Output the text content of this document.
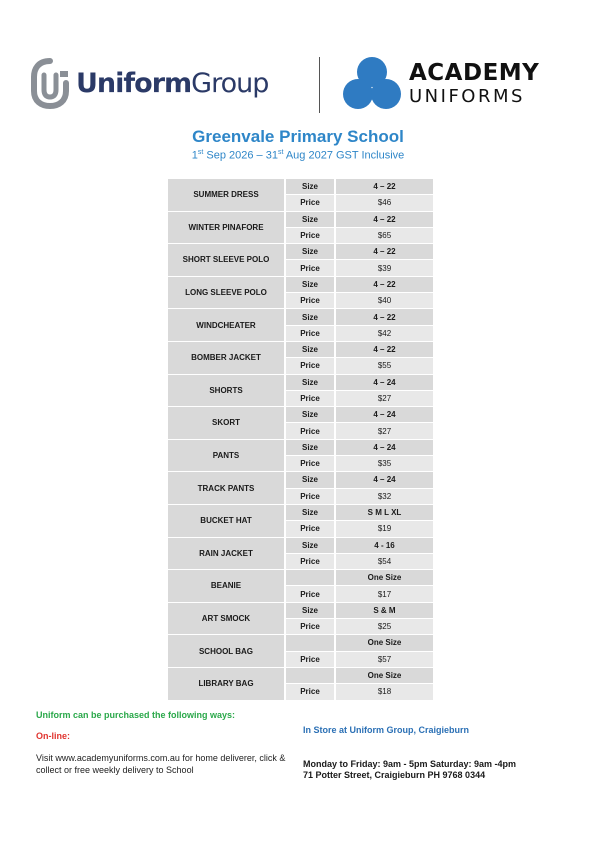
UniformGroup	ACADEMY
UNIFORMS
Greenvale Primary School
1st Sep 2026 – 31st Aug 2027 GST Inclusive
SUMMER DRESS	Size	4 – 22
	Price	$46
WINTER PINAFORE	Size	4 – 22
	Price	$65
SHORT SLEEVE POLO	Size	4 – 22
	Price	$39
LONG SLEEVE POLO	Size	4 – 22
	Price	$40
WINDCHEATER	Size	4 – 22
	Price	$42
BOMBER JACKET	Size	4 – 22
	Price	$55
SHORTS	Size	4 – 24
	Price	$27
SKORT	Size	4 – 24
	Price	$27
PANTS	Size	4 – 24
	Price	$35
TRACK PANTS	Size	4 – 24
	Price	$32
BUCKET HAT	Size	S M L XL
	Price	$19
RAIN JACKET	Size	4 - 16
	Price	$54
BEANIE		One Size
	Price	$17
ART SMOCK	Size	S & M
	Price	$25
SCHOOL BAG		One Size
	Price	$57
LIBRARY BAG		One Size
	Price	$18
Uniform can be purchased the following ways:
On-line:
Visit www.academyuniforms.com.au for home deliverer, click & collect or free weekly delivery to School
In Store at Uniform Group, Craigieburn
Monday to Friday: 9am - 5pm Saturday: 9am -4pm
71 Potter Street, Craigieburn PH 9768 0344
